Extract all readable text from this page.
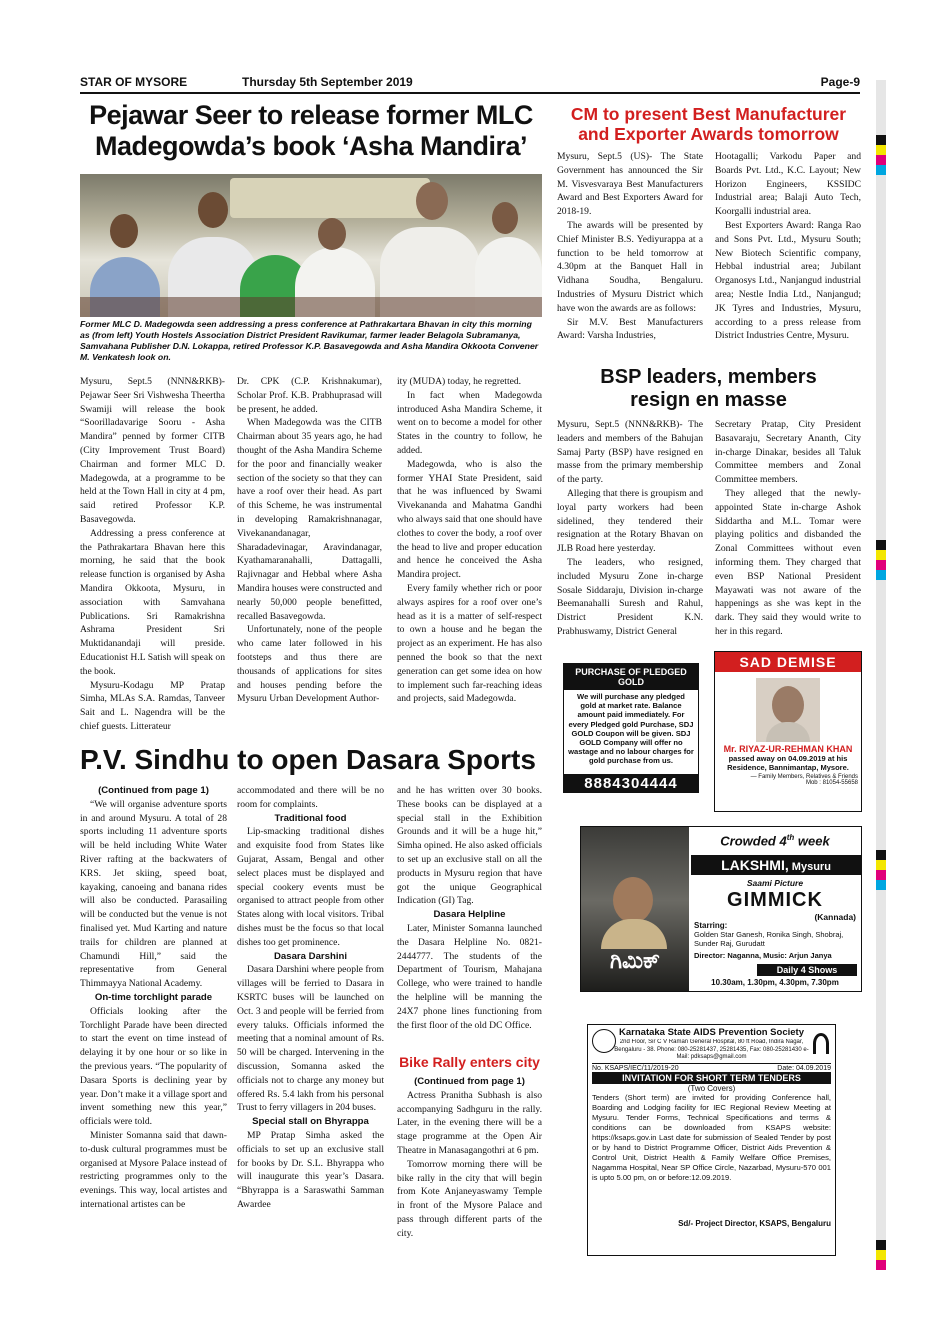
STAR OF MYSORE	Thursday 5th September 2019	Page-9
Pejawar Seer to release former MLC
Madegowda’s book ‘Asha Mandira’
Former MLC D. Madegowda seen addressing a press conference at Pathrakartara Bhavan in city this morning as (from left) Youth Hostels Association District President Ravikumar, farmer leader Belagola Subramanya, Samvahana Publisher D.N. Lokappa, retired Professor K.P. Basavegowda and Asha Mandira Okkoota Convener M. Venkatesh look on.

Mysuru, Sept.5 (NNN&RKB)- Pejawar Seer Sri Vishwesha Theertha Swamiji will release the book “Soorilladavarige Sooru - Asha Mandira” penned by former CITB (City Improvement Trust Board) Chairman and former MLC D. Madegowda, at a programme to be held at the Town Hall in city at 4 pm, said retired Professor K.P. Basavegowda.

Addressing a press conference at the Pathrakartara Bhavan here this morning, he said that the book release function is organised by Asha Mandira Okkoota, Mysuru, in association with Samvahana Publications. Sri Ramakrishna Ashrama President Sri Muktidanandaji will preside. Educationist H.L Satish will speak on the book.

Mysuru-Kodagu MP Pratap Simha, MLAs S.A. Ramdas, Tanveer Sait and L. Nagendra will be the chief guests. Litterateur

Dr. CPK (C.P. Krishnakumar), Scholar Prof. K.B. Prabhuprasad will be present, he added.

When Madegowda was the CITB Chairman about 35 years ago, he had thought of the Asha Mandira Scheme for the poor and financially weaker section of the society so that they can have a roof over their head. As part of this Scheme, he was instrumental in developing Ramakrishnanagar, Vivekanandanagar, Sharadadevinagar, Aravindanagar, Kyathamaranahalli, Dattagalli, Rajivnagar and Hebbal where Asha Mandira houses were constructed and nearly 50,000 people benefitted, recalled Basavegowda.

Unfortunately, none of the people who came later followed in his footsteps and thus there are thousands of applications for sites and houses pending before the Mysuru Urban Development Author-

ity (MUDA) today, he regretted.

In fact when Madegowda introduced Asha Mandira Scheme, it went on to become a model for other States in the country to follow, he added.

Madegowda, who is also the former YHAI State President, said that he was influenced by Swami Vivekananda and Mahatma Gandhi who always said that one should have clothes to cover the body, a roof over the head to live and proper education and hence he conceived the Asha Mandira project.

Every family whether rich or poor always aspires for a roof over one’s head as it is a matter of self-respect to own a house and he began the project as an experiment. He has also penned the book so that the next generation can get some idea on how to implement such far-reaching ideas and projects, said Madegowda.

CM to present Best Manufacturer
and Exporter Awards tomorrow

Mysuru, Sept.5 (US)- The State Government has announced the Sir M. Visvesvaraya Best Manufacturers Award and Best Exporters Award for 2018-19.

The awards will be presented by Chief Minister B.S. Yediyurappa at a function to be held tomorrow at 4.30pm at the Banquet Hall in Vidhana Soudha, Bengaluru. Industries of Mysuru District which have won the awards are as follows:

Sir M.V. Best Manufacturers Award: Varsha Industries,

Hootagalli; Varkodu Paper and Boards Pvt. Ltd., K.C. Layout; New Horizon Engineers, KSSIDC Industrial area; Balaji Auto Tech, Koorgalli industrial area.

Best Exporters Award: Ranga Rao and Sons Pvt. Ltd., Mysuru South; New Biotech Scientific company, Hebbal industrial area; Jubilant Organosys Ltd., Nanjangud industrial area; Nestle India Ltd., Nanjangud; JK Tyres and Industries, Mysuru, according to a press release from District Industries Centre, Mysuru.

BSP leaders, members
resign en masse

Mysuru, Sept.5 (NNN&RKB)- The leaders and members of the Bahujan Samaj Party (BSP) have resigned en masse from the primary membership of the party.

Alleging that there is groupism and loyal party workers had been sidelined, they tendered their resignation at the Rotary Bhavan on JLB Road here yesterday.

The leaders, who resigned, included Mysuru Zone in-charge Sosale Siddaraju, Division in-charge Beemanahalli Suresh and Rahul, District President K.N. Prabhuswamy, District General

Secretary Pratap, City President Basavaraju, Secretary Ananth, City in-charge Dinakar, besides all Taluk Committee members and Zonal Committee members.

They alleged that the newly-appointed State in-charge Ashok Siddartha and M.L. Tomar were playing politics and disbanded the Zonal Committees without even informing them. They charged that even BSP National President Mayawati was not aware of the happenings as she was kept in the dark. They said they would write to her in this regard.

P.V. Sindhu to open Dasara Sports

(Continued from page 1)

“We will organise adventure sports in and around Mysuru. A total of 28 sports including 11 adventure sports will be held including White Water River rafting at the backwaters of KRS. Jet skiing, speed boat, kayaking, canoeing and banana rides will also be conducted. Parasailing will be conducted but the venue is not finalised yet. Mud Karting and nature trails for children are planned at Chamundi Hill,” said the representative from General Thimmayya National Academy.

On-time torchlight parade

Officials looking after the Torchlight Parade have been directed to start the event on time instead of delaying it by one hour or so like in the previous years. “The popularity of Dasara Sports is declining year by year. Don’t make it a village sport and invent something new this year,” officials were told.

Minister Somanna said that dawn-to-dusk cultural programmes must be organised at Mysore Palace instead of restricting programmes only to the evenings. This way, local artistes and international artistes can be

accommodated and there will be no room for complaints.

Traditional food

Lip-smacking traditional dishes and exquisite food from States like Gujarat, Assam, Bengal and other select places must be displayed and special cookery events must be organised to attract people from other States along with local visitors. Tribal dishes must be the focus so that local dishes too get prominence.

Dasara Darshini

Dasara Darshini where people from villages will be ferried to Dasara in KSRTC buses will be launched on Oct. 3 and people will be ferried from every taluks. Officials informed the meeting that a nominal amount of Rs. 50 will be charged. Intervening in the discussion, Somanna asked the officials not to charge any money but offered Rs. 5.4 lakh from his personal Trust to ferry villagers in 204 buses.

Special stall on Bhyrappa

MP Pratap Simha asked the officials to set up an exclusive stall for books by Dr. S.L. Bhyrappa who will inaugurate this year’s Dasara. “Bhyrappa is a Saraswathi Samman Awardee

and he has written over 30 books. These books can be displayed at a special stall in the Exhibition Grounds and it will be a huge hit,” Simha opined. He also asked officials to set up an exclusive stall on all the products in Mysuru region that have got the unique Geographical Indication (GI) Tag.

Dasara Helpline

Later, Minister Somanna launched the Dasara Helpline No. 0821-2444777. The students of the Department of Tourism, Mahajana College, who were trained to handle the helpline will be manning the 24X7 phone lines functioning from the first floor of the old DC Office.

Bike Rally enters city

(Continued from page 1)

Actress Pranitha Subhash is also accompanying Sadhguru in the rally. Later, in the evening there will be a stage programme at the Open Air Theatre in Manasagangothri at 6 pm.

Tomorrow morning there will be bike rally in the city that will begin from Kote Anjaneyaswamy Temple in front of the Mysore Palace and pass through different parts of the city.

PURCHASE OF PLEDGED GOLD
We will purchase any pledged gold at market rate. Balance amount paid immediately. For every Pledged gold Purchase, SDJ GOLD Coupon will be given. SDJ GOLD Company will offer no wastage and no labour charges for gold purchase from us.
8884304444
SAD DEMISE
Mr. RIYAZ-UR-REHMAN KHAN
passed away on 04.09.2019 at his Residence, Bannimantap, Mysore.
— Family Members, Relatives & Friends
Mob : 81054-55658
ಗಿಮಿಕ್
Crowded 4th week
LAKSHMI, Mysuru
Saami Picture
GIMMICK
(Kannada)
Starring:
Golden Star Ganesh, Ronika Singh, Shobraj, Sunder Raj, Gurudatt
Director: Naganna, Music: Arjun Janya
Daily 4 Shows
10.30am, 1.30pm, 4.30pm, 7.30pm
Karnataka State AIDS Prevention Society
2nd Floor, Sir C V Raman General Hospital, 80 ft Road, Indira Nagar, Bengaluru - 38. Phone: 080-25281437, 25281435, Fax: 080-25281430 e-Mail: pdksaps@gmail.com
No. KSAPS/IEC/11/2019-20	Date: 04.09.2019
INVITATION FOR SHORT TERM TENDERS
(Two Covers)
Tenders (Short term) are invited for providing Conference hall, Boarding and Lodging facility for IEC Regional Review Meeting at Mysuru. Tender Forms, Technical Specifications and terms & conditions can be downloaded from KSAPS website: https://ksaps.gov.in Last date for submission of Sealed Tender by post or by hand to District Programme Officer, District Aids Prevention & Control Unit, District Health & Family Welfare Office Premises, Nagamma Hospital, Near SP Office Circle, Nazarbad, Mysuru-570 001 is upto 5.00 pm, on or before:12.09.2019.
Sd/- Project Director, KSAPS, Bengaluru
